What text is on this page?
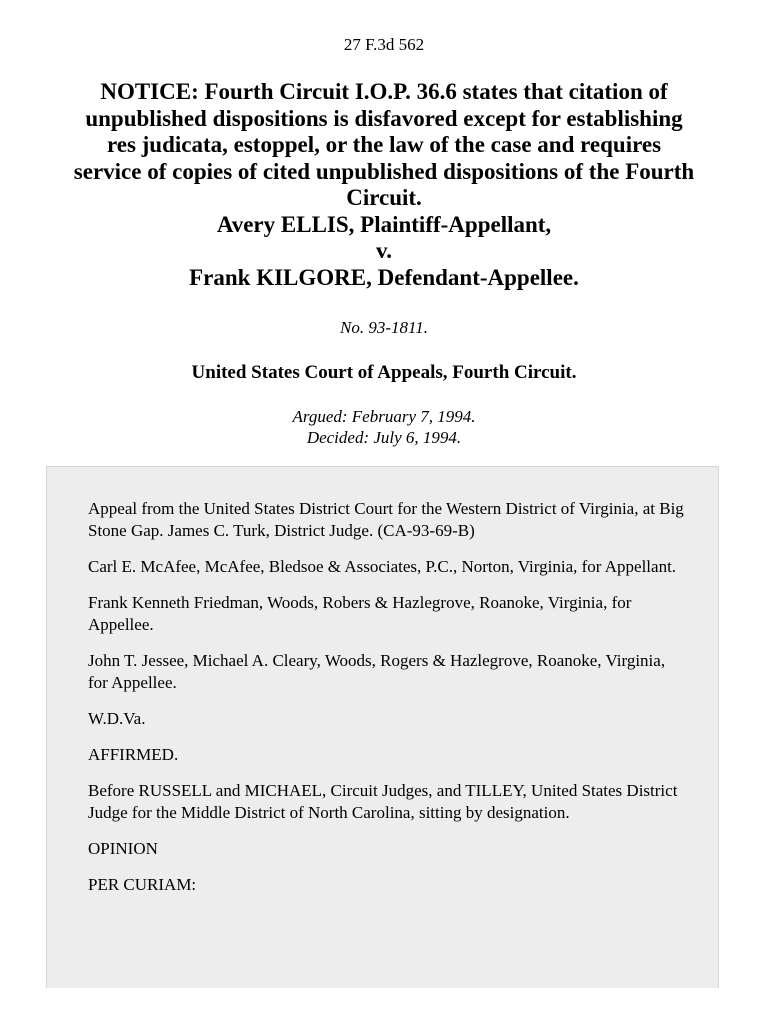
27 F.3d 562
NOTICE: Fourth Circuit I.O.P. 36.6 states that citation of
unpublished dispositions is disfavored except for establishing
res judicata, estoppel, or the law of the case and requires
service of copies of cited unpublished dispositions of the Fourth
Circuit.
Avery ELLIS, Plaintiff-Appellant,
v.
Frank KILGORE, Defendant-Appellee.
No. 93-1811.
United States Court of Appeals, Fourth Circuit.
Argued: February 7, 1994.
Decided: July 6, 1994.

Appeal from the United States District Court for the Western District of Virginia, at Big Stone Gap. James C. Turk, District Judge. (CA-93-69-B)

Carl E. McAfee, McAfee, Bledsoe & Associates, P.C., Norton, Virginia, for Appellant.

Frank Kenneth Friedman, Woods, Robers & Hazlegrove, Roanoke, Virginia, for Appellee.

John T. Jessee, Michael A. Cleary, Woods, Rogers & Hazlegrove, Roanoke, Virginia, for Appellee.

W.D.Va.

AFFIRMED.

Before RUSSELL and MICHAEL, Circuit Judges, and TILLEY, United States District Judge for the Middle District of North Carolina, sitting by designation.

OPINION

PER CURIAM:
